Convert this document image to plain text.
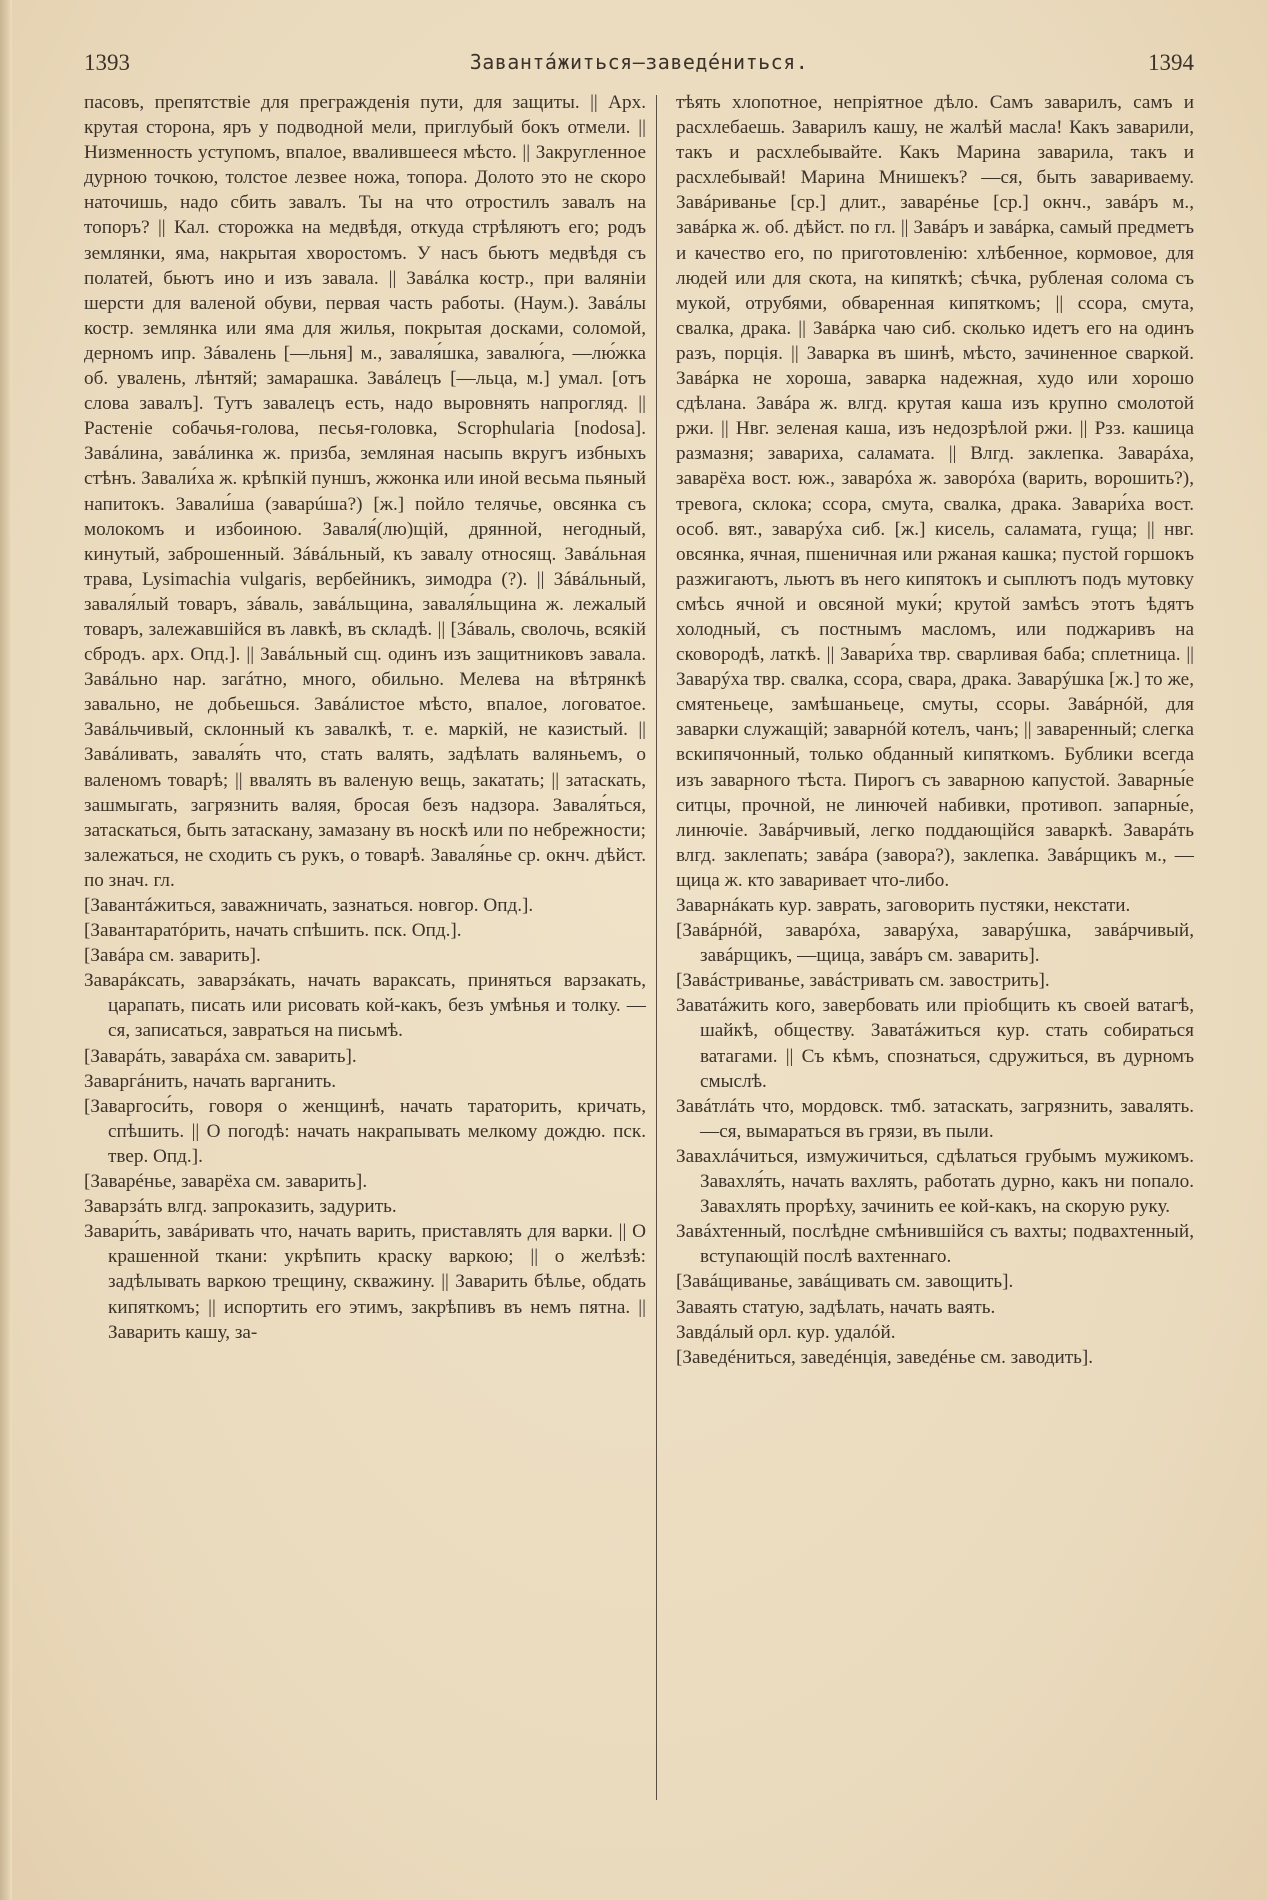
1393	Завантáжиться—заведéниться.	1394

пасовъ, препятствіе для преграждeнія пути, для защиты. || Арх. крутая сторона, яръ у подводной мели, приглубый бокъ отмели. || Низменность уступомъ, впалое, ввалившееся мѣсто. || Закругленное дурною точкою, толстое лезвее ножа, топора. Долото это не скоро наточишь, надо сбить завалъ. Ты на что отростилъ завалъ на топоръ? || Кал. сторожка на медвѣдя, откуда стрѣляютъ его; родъ землянки, яма, накрытая хворостомъ. У насъ бьютъ медвѣдя съ полатей, бьютъ ино и изъ завала. || Завáлка костр., при валяніи шерсти для валеной обуви, первая часть работы. (Наум.). Завáлы костр. землянка или яма для жилья, покрытая досками, соломой, дерномъ ипр. Зáвалень [—льня] м., заваля́шка, завалю́га, —лю́жка об. увалень, лѣнтяй; замарашка. Завáлецъ [—льца, м.] умал. [отъ слова завалъ]. Тутъ завалецъ есть, надо выровнять напрогляд. || Растеніе собачья-голова, песья-головка, Scrophularia [nodosa]. Завáлина, завáлинка ж. призба, земляная насыпь вкругъ избныхъ стѣнъ. Завали́ха ж. крѣпкій пуншъ, жжонка или иной весьма пьяный напитокъ. Завали́ша (заварúша?) [ж.] пойло телячье, овсянка съ молокомъ и избоиною. Заваля́(лю)щій, дрянной, негодный, кинутый, заброшенный. Зáвáльный, къ завалу относящ. Завáльная трава, Lysimachia vulgaris, вербейникъ, зимодра (?). || Зáвáльный, заваля́лый товаръ, зáваль, завáльщина, заваля́льщина ж. лежалый товаръ, залежавшійся въ лавкѣ, въ складѣ. || [Зáваль, сволочь, всякій сбродъ. арх. Опд.]. || Завáльный сщ. одинъ изъ защитниковъ завала. Завáльно нар. загáтно, много, обильно. Мелева на вѣтрянкѣ завально, не добьешься. Завáлистое мѣсто, впалое, логоватое. Завáльчивый, склонный къ завалкѣ, т. е. маркій, не казистый. || Завáливать, заваля́ть что, стать валять, задѣлать валяньемъ, о валеномъ товарѣ; || ввалять въ валеную вещь, закатать; || затаскать, зашмыгать, загрязнить валяя, бросая безъ надзора. Заваля́ться, затаскаться, быть затаскану, замазану въ носкѣ или по небрежности; залежаться, не сходить съ рукъ, о товарѣ. Заваля́нье ср. окнч. дѣйст. по знач. гл.

[Завантáжиться, заважничать, зазнаться. новгор. Опд.].

[Завантаратóрить, начать спѣшить. пск. Опд.].

[Завáра см. заварить].

Заварáксать, заварзáкать, начать вараксать, приняться варзакать, царапать, писать или рисовать кой-какъ, безъ умѣнья и толку. —ся, записаться, завраться на письмѣ.

[Заварáть, заварáха см. заварить].

Заваргáнить, начать варганить.

[Заваргоси́ть, говоря о женщинѣ, начать тараторить, кричать, спѣшить. || О погодѣ: начать накрапывать мелкому дождю. пск. твер. Опд.].

[Заварéнье, заварёха см. заварить].

Заварзáть влгд. запроказить, задурить.

Завари́ть, завáривать что, начать варить, приставлять для варки. || О крашенной ткани: укрѣпить краску варкою; || о желѣзѣ: задѣлывать варкою трещину, скважину. || Заварить бѣлье, обдать кипяткомъ; || испортить его этимъ, закрѣпивъ въ немъ пятна. || Заварить кашу, за-

тѣять хлопотное, непріятное дѣло. Самъ заварилъ, самъ и расхлебаешь. Заварилъ кашу, не жалѣй масла! Какъ заварили, такъ и расхлебывайте. Какъ Марина заварила, такъ и расхлебывай! Марина Мнишекъ? —ся, быть завариваему. Завáриванье [ср.] длит., заварéнье [ср.] окнч., завáръ м., завáрка ж. об. дѣйст. по гл. || Завáръ и завáрка, самый предметъ и качество его, по приготовленію: хлѣбенное, кормовое, для людей или для скота, на кипяткѣ; сѣчка, рубленая солома съ мукой, отрубями, обваренная кипяткомъ; || ссора, смута, свалка, драка. || Завáрка чаю сиб. сколько идетъ его на одинъ разъ, порція. || Заварка въ шинѣ, мѣсто, зачиненное сваркой. Завáрка не хороша, заварка надежная, худо или хорошо сдѣлана. Завáра ж. влгд. крутая каша изъ крупно смолотой ржи. || Нвг. зеленая каша, изъ недозрѣлой ржи. || Рзз. кашица размазня; завариха, саламата. || Влгд. заклепка. Заварáха, заварёха вост. юж., заварóха ж. заворóха (варить, ворошить?), тревога, склока; ссора, смута, свалка, драка. Завари́ха вост. особ. вят., заварýха сиб. [ж.] кисель, саламата, гуща; || нвг. овсянка, ячная, пшеничная или ржаная кашка; пустой горшокъ разжигаютъ, льютъ въ него кипятокъ и сыплютъ подъ мутовку смѣсь ячной и овсяной муки́; крутой замѣсъ этотъ ѣдятъ холодный, съ постнымъ масломъ, или поджаривъ на сковородѣ, латкѣ. || Завари́ха твр. сварливая баба; сплетница. || Заварýха твр. свалка, ссора, свара, драка. Заварýшка [ж.] то же, смятеньеце, замѣшаньеце, смуты, ссоры. Завáрнóй, для заварки служащій; заварнóй котелъ, чанъ; || заваренный; слегка вскипячонный, только обданный кипяткомъ. Бублики всегда изъ заварного тѣста. Пирогъ съ заварною капустой. Заварны́е ситцы, прочной, не линючей набивки, противоп. запарны́е, линючіе. Завáрчивый, легко поддающійся заваркѣ. Заварáть влгд. заклепать; завáра (завора?), заклепка. Завáрщикъ м., —щица ж. кто заваривает что-либо.

Заварнáкать кур. заврать, заговорить пустяки, некстати.

[Завáрнóй, заварóха, заварýха, заварýшка, завáрчивый, завáрщикъ, —щица, завáръ см. заварить].

[Завáстриванье, завáстривать см. завострить].

Заватáжить кого, завербовать или пріобщить къ своей ватагѣ, шайкѣ, обществу. Заватáжиться кур. стать собираться ватагами. || Съ кѣмъ, спознаться, сдружиться, въ дурномъ смыслѣ.

Завáтлáть что, мордовск. тмб. затаскать, загрязнить, завалять. —ся, вымараться въ грязи, въ пыли.

Завахлáчиться, измужичиться, сдѣлаться грубымъ мужикомъ. Завахля́ть, начать вахлять, работать дурно, какъ ни попало. Завахлять прорѣху, зачинить ее кой-какъ, на скорую руку.

Завáхтенный, послѣдне смѣнившійся съ вахты; подвахтенный, вступающій послѣ вахтеннаго.

[Завáщиванье, завáщивать см. завощить].

Заваять статую, задѣлать, начать ваять.

Завдáлый орл. кур. удалóй.

[Заведéниться, заведéнція, заведéнье см. заводить].
